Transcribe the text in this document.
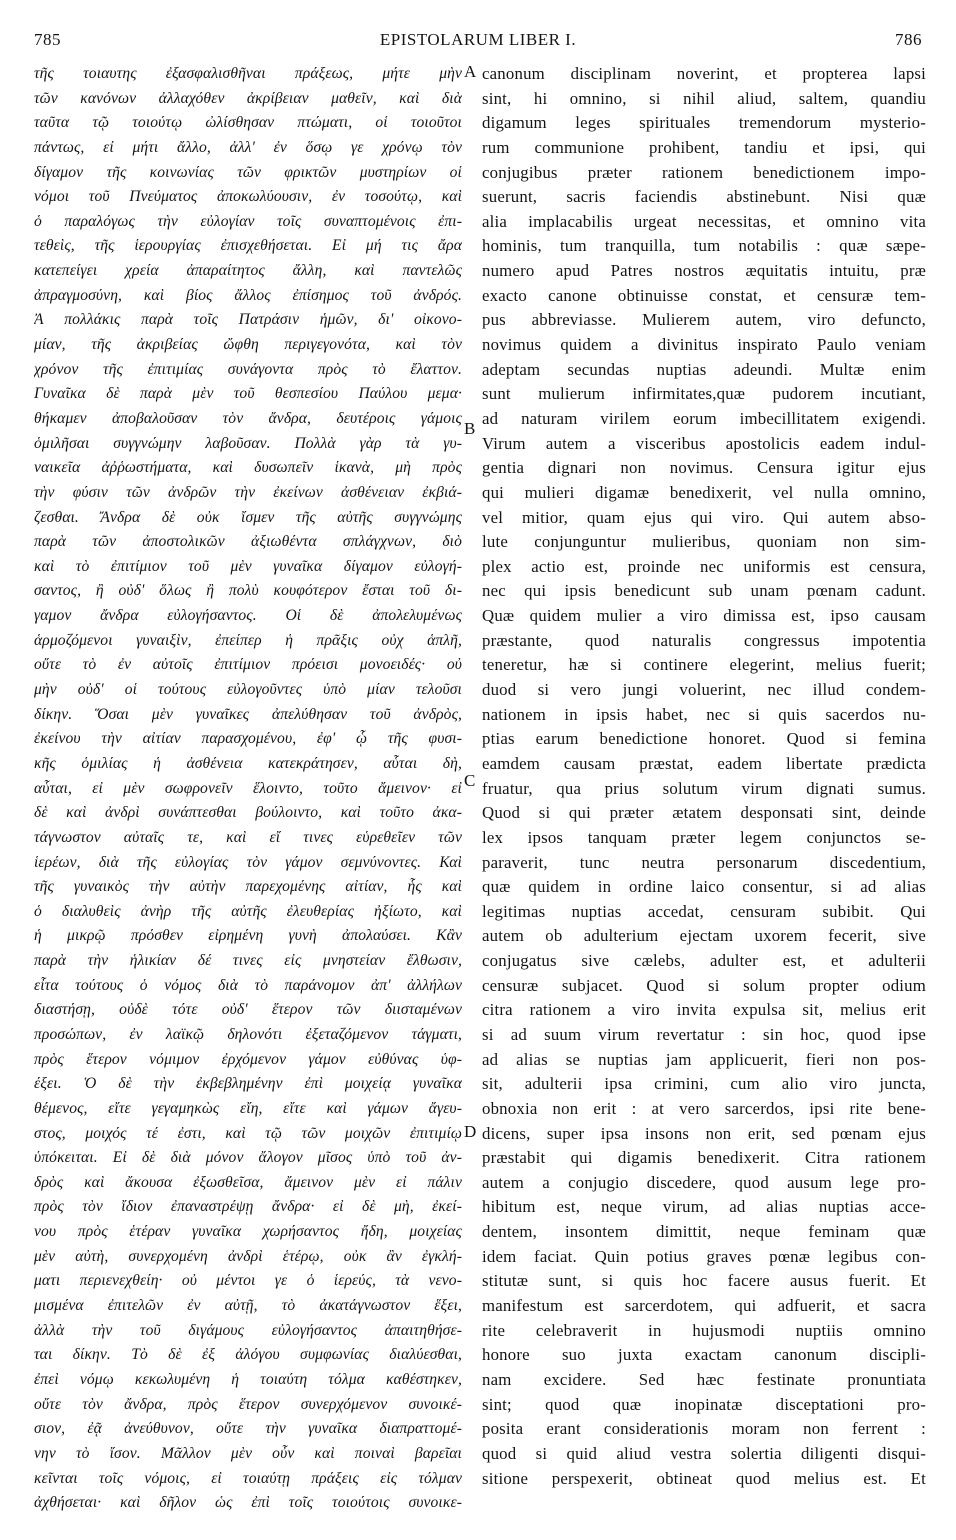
785	EPISTOLARUM LIBER I.	786
τῆς τοιαυτης ἐξασφαλισθῆναι πράξεως, μήτε μὴν
τῶν κανόνων ἀλλαχόθεν ἀκρίβειαν μαθεῖν, καὶ διὰ
ταῦτα τῷ τοιούτῳ ὠλίσθησαν πτώματι, οἱ τοιοῦτοι
πάντως, εἰ μήτι ἄλλο, ἀλλ' ἐν ὅσῳ γε χρόνῳ τὸν
δίγαμον τῆς κοινωνίας τῶν φρικτῶν μυστηρίων οἱ
νόμοι τοῦ Πνεύματος ἀποκωλύουσιν, ἐν τοσούτῳ, καὶ
ὁ παραλόγως τὴν εὐλογίαν τοῖς συναπτομένοις ἐπι-
τεθεὶς, τῆς ἱερουργίας ἐπισχεθήσεται. Εἰ μή τις ἄρα
κατεπείγει χρεία ἀπαραίτητος ἄλλη, καὶ παντελῶς
ἀπραγμοσύνη, καὶ βίος ἄλλος ἐπίσημος τοῦ ἀνδρός.
Ἀ πολλάκις παρὰ τοῖς Πατράσιν ἡμῶν, δι' οἰκονο-
μίαν, τῆς ἀκριβείας ὤφθη περιγεγονότα, καὶ τὸν
χρόνον τῆς ἐπιτιμίας συνάγοντα πρὸς τὸ ἔλαττον.
Γυναῖκα δὲ παρὰ μὲν τοῦ θεσπεσίου Παύλου μεμα·
θήκαμεν ἀποβαλοῦσαν τὸν ἄνδρα, δευτέροις γάμοις
ὁμιλῆσαι συγγνώμην λαβοῦσαν. Πολλὰ γὰρ τὰ γυ-
ναικεῖα ἀῤῥωστήματα, καὶ δυσωπεῖν ἱκανὰ, μὴ πρὸς
τὴν φύσιν τῶν ἀνδρῶν τὴν ἐκείνων ἀσθένειαν ἐκβιά-
ζεσθαι. Ἄνδρα δὲ οὐκ ἴσμεν τῆς αὐτῆς συγγνώμης
παρὰ τῶν ἀποστολικῶν ἀξιωθέντα σπλάγχνων, διὸ
καὶ τὸ ἐπιτίμιον τοῦ μὲν γυναῖκα δίγαμον εὐλογή-
σαντος, ἢ οὐδ' ὅλως ἢ πολὺ κουφότερον ἔσται τοῦ δι-
γαμον ἄνδρα εὐλογήσαντος. Οἱ δὲ ἀπολελυμένως
ἁρμοζόμενοι γυναιξὶν, ἐπείπερ ἡ πρᾶξις οὐχ ἁπλῆ,
οὔτε τὸ ἐν αὐτοῖς ἐπιτίμιον πρόεισι μονοειδές· οὐ
μὴν οὐδ' οἱ τούτους εὐλογοῦντες ὑπὸ μίαν τελοῦσι
δίκην. Ὅσαι μὲν γυναῖκες ἀπελύθησαν τοῦ ἀνδρὸς,
ἐκείνου τὴν αἰτίαν παρασχομένου, ἐφ' ᾧ τῆς φυσι-
κῆς ὁμιλίας ἡ ἀσθένεια κατεκράτησεν, αὗται δὴ,
αὗται, εἰ μὲν σωφρονεῖν ἕλοιντο, τοῦτο ἄμεινον· εἰ
δὲ καὶ ἀνδρὶ συνάπτεσθαι βούλοιντο, καὶ τοῦτο ἀκα-
τάγνωστον αὐταῖς τε, καὶ εἴ τινες εὑρεθεῖεν τῶν
ἱερέων, διὰ τῆς εὐλογίας τὸν γάμον σεμνύνοντες. Καὶ
τῆς γυναικὸς τὴν αὐτὴν παρεχομένης αἰτίαν, ἧς καὶ
ὁ διαλυθεὶς ἀνὴρ τῆς αὐτῆς ἐλευθερίας ἠξίωτο, καὶ
ἡ μικρῷ πρόσθεν εἰρημένη γυνὴ ἀπολαύσει. Κἂν
παρὰ τὴν ἡλικίαν δέ τινες εἰς μνηστείαν ἔλθωσιν,
εἶτα τούτους ὁ νόμος διὰ τὸ παράνομον ἀπ' ἀλλήλων
διαστήσῃ, οὐδὲ τότε οὐδ' ἕτερον τῶν διισταμένων
προσώπων, ἐν λαϊκῷ δηλονότι ἐξεταζόμενον τάγματι,
πρὸς ἕτερον νόμιμον ἐρχόμενον γάμον εὐθύνας ὑφ-
έξει. Ὁ δὲ τὴν ἐκβεβλημένην ἐπὶ μοιχείᾳ γυναῖκα
θέμενος, εἴτε γεγαμηκὼς εἴη, εἴτε καὶ γάμων ἄγευ-
στος, μοιχός τέ ἐστι, καὶ τῷ τῶν μοιχῶν ἐπιτιμίῳ
ὑπόκειται. Εἰ δὲ διὰ μόνον ἄλογον μῖσος ὑπὸ τοῦ ἀν-
δρὸς καὶ ἄκουσα ἐξωσθεῖσα, ἄμεινον μὲν εἰ πάλιν
πρὸς τὸν ἴδιον ἐπαναστρέψῃ ἄνδρα· εἰ δὲ μὴ, ἐκεί-
νου πρὸς ἑτέραν γυναῖκα χωρήσαντος ἤδη, μοιχείας
μὲν αὐτὴ, συνερχομένη ἀνδρὶ ἑτέρῳ, οὐκ ἂν ἐγκλή-
ματι περιενεχθείη· οὐ μέντοι γε ὁ ἱερεύς, τὰ νενο-
μισμένα ἐπιτελῶν ἐν αὐτῇ, τὸ ἀκατάγνωστον ἕξει,
ἀλλὰ τὴν τοῦ διγάμους εὐλογήσαντος ἀπαιτηθήσε-
ται δίκην. Τὸ δὲ ἐξ ἀλόγου συμφωνίας διαλύεσθαι,
ἐπεὶ νόμῳ κεκωλυμένη ἡ τοιαύτη τόλμα καθέστηκεν,
οὔτε τὸν ἄνδρα, πρὸς ἕτερον συνερχόμενον συνοικέ-
σιον, ἐᾷ ἀνεύθυνον, οὔτε τὴν γυναῖκα διαπραττομέ-
νην τὸ ἴσον. Μᾶλλον μὲν οὖν καὶ ποιναὶ βαρεῖαι
κεῖνται τοῖς νόμοις, εἰ τοιαύτῃ πράξεις εἰς τόλμαν
ἀχθήσεται· καὶ δῆλον ὡς ἐπὶ τοῖς τοιούτοις συνοικε-
canonum disciplinam noverint, et propterea lapsi
sint, hi omnino, si nihil aliud, saltem, quandiu
digamum leges spirituales tremendorum mysterio-
rum communione prohibent, tandiu et ipsi, qui
conjugibus præter rationem benedictionem impo-
suerunt, sacris faciendis abstinebunt. Nisi quæ
alia implacabilis urgeat necessitas, et omnino vita
hominis, tum tranquilla, tum notabilis : quæ sæpe-
numero apud Patres nostros æquitatis intuitu, præ
exacto canone obtinuisse constat, et censuræ tem-
pus abbreviasse. Mulierem autem, viro defuncto,
novimus quidem a divinitus inspirato Paulo veniam
adeptam secundas nuptias adeundi. Multæ enim
sunt mulierum infirmitates,quæ pudorem incutiant,
ad naturam virilem eorum imbecillitatem exigendi.
Virum autem a visceribus apostolicis eadem indul-
gentia dignari non novimus. Censura igitur ejus
qui mulieri digamæ benedixerit, vel nulla omnino,
vel mitior, quam ejus qui viro. Qui autem abso-
lute conjunguntur mulieribus, quoniam non sim-
plex actio est, proinde nec uniformis est censura,
nec qui ipsis benedicunt sub unam pœnam cadunt.
Quæ quidem mulier a viro dimissa est, ipso causam
præstante, quod naturalis congressus impotentia
teneretur, hæ si continere elegerint, melius fuerit;
duod si vero jungi voluerint, nec illud condem-
nationem in ipsis habet, nec si quis sacerdos nu-
ptias earum benedictione honoret. Quod si femina
eamdem causam præstat, eadem libertate prædicta
fruatur, qua prius solutum virum dignati sumus.
Quod si qui præter ætatem desponsati sint, deinde
lex ipsos tanquam præter legem conjunctos se-
paraverit, tunc neutra personarum discedentium,
quæ quidem in ordine laico consentur, si ad alias
legitimas nuptias accedat, censuram subibit. Qui
autem ob adulterium ejectam uxorem fecerit, sive
conjugatus sive cælebs, adulter est, et adulterii
censuræ subjacet. Quod si solum propter odium
citra rationem a viro invita expulsa sit, melius erit
si ad suum virum revertatur : sin hoc, quod ipse
ad alias se nuptias jam applicuerit, fieri non pos-
sit, adulterii ipsa crimini, cum alio viro juncta,
obnoxia non erit : at vero sarcerdos, ipsi rite bene-
dicens, super ipsa insons non erit, sed pœnam ejus
præstabit qui digamis benedixerit. Citra rationem
autem a conjugio discedere, quod ausum lege pro-
hibitum est, neque virum, ad alias nuptias acce-
dentem, insontem dimittit, neque feminam quæ
idem faciat. Quin potius graves pœnæ legibus con-
stitutæ sunt, si quis hoc facere ausus fuerit. Et
manifestum est sarcerdotem, qui adfuerit, et sacra
rite celebraverit in hujusmodi nuptiis omnino
honore suo juxta exactam canonum discipli-
nam excidere. Sed hæc festinate pronuntiata
sint; quod quæ inopinatæ disceptationi pro-
posita erant considerationis moram non ferrent :
quod si quid aliud vestra solertia diligenti disqui-
sitione perspexerit, obtineat quod melius est. Et
A
B
C
D
